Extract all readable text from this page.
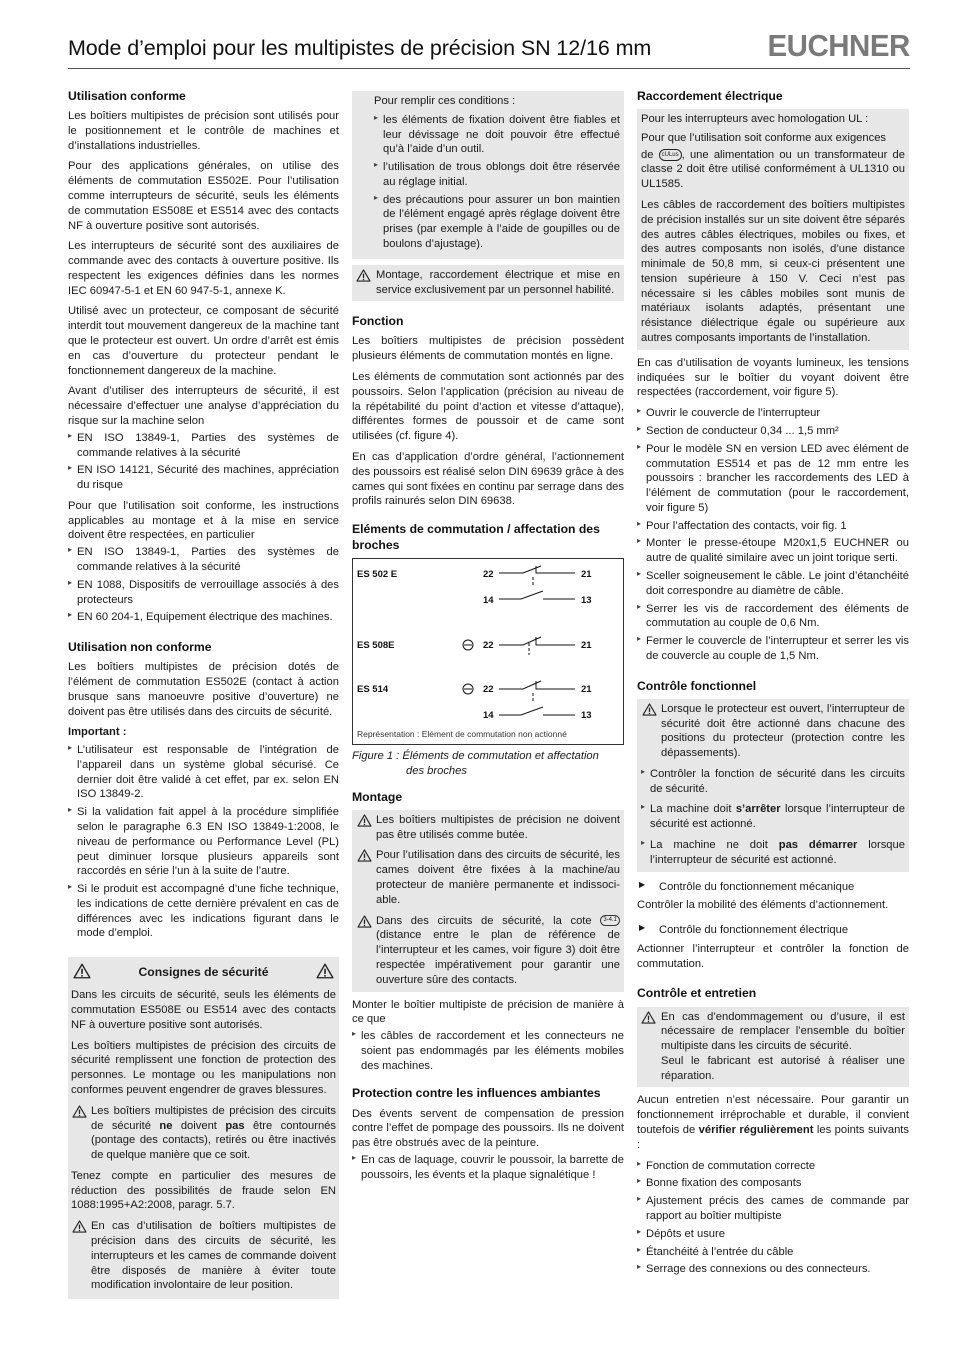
Mode d’emploi pour les multipistes de précision SN 12/16 mm	EUCHNER
Utilisation conforme

Les boîtiers multipistes de précision sont utilisés pour le positionnement et le contrôle de machines et d’installations industrielles.

Pour des applications générales, on utilise des éléments de commutation ES502E. Pour l’utilisation comme interrupteurs de sécurité, seuls les éléments de commutation ES508E et ES514 avec des contacts NF à ouverture positive sont autorisés.

Les interrupteurs de sécurité sont des auxiliaires de commande avec des contacts à ouverture positive. Ils respectent les exigences définies dans les normes IEC 60947-5-1 et EN 60 947-5-1, annexe K.

Utilisé avec un protecteur, ce composant de sécurité interdit tout mouvement dangereux de la machine tant que le protecteur est ouvert. Un ordre d’arrêt est émis en cas d’ouverture du protecteur pendant le fonctionnement dangereux de la machine.

Avant d’utiliser des interrupteurs de sécurité, il est nécessaire d’effectuer une analyse d’appréciation du risque sur la machine selon

▸ EN ISO 13849-1, Parties des systèmes de commande relatives à la sécurité
▸ EN ISO 14121, Sécurité des machines, appréciation du risque

Pour que l’utilisation soit conforme, les instructions applicables au montage et à la mise en service doivent être respectées, en particulier

▸ EN ISO 13849-1, Parties des systèmes de commande relatives à la sécurité
▸ EN 1088, Dispositifs de verrouillage associés à des protecteurs
▸ EN 60 204-1, Equipement électrique des machines.
Utilisation non conforme

Les boîtiers multipistes de précision dotés de l’élément de commutation ES502E (contact à action brusque sans manoeuvre positive d’ouverture) ne doivent pas être utilisés dans des circuits de sécurité.

Important :
▸ L’utilisateur est responsable de l’intégration de l’appareil dans un système global sécurisé. Ce dernier doit être validé à cet effet, par ex. selon EN ISO 13849-2.
▸ Si la validation fait appel à la procédure simplifiée selon le paragraphe 6.3 EN ISO 13849-1:2008, le niveau de performance ou Performance Level (PL) peut diminuer lorsque plusieurs appareils sont raccordés en série l’un à la suite de l’autre.
▸ Si le produit est accompagné d’une fiche technique, les indications de cette dernière prévalent en cas de différences avec les indications figurant dans le mode d’emploi.
Consignes de sécurité

Dans les circuits de sécurité, seuls les éléments de commutation ES508E ou ES514 avec des contacts NF à ouverture positive sont autorisés.

Les boîtiers multipistes de précision des circuits de sécurité remplissent une fonction de protection des personnes. Le montage ou les manipulations non conformes peuvent engendrer de graves blessures.

Les boîtiers multipistes de précision des circuits de sécurité ne doivent pas être contournés (pontage des contacts), retirés ou être inactivés de quelque manière que ce soit.

Tenez compte en particulier des mesures de réduction des possibilités de fraude selon EN 1088:1995+A2:2008, paragr. 5.7.

En cas d’utilisation de boîtiers multipistes de précision dans des circuits de sécurité, les interrupteurs et les cames de commande doivent être disposés de manière à éviter toute modification involontaire de leur position.
Pour remplir ces conditions :
▸ les éléments de fixation doivent être fiables et leur dévissage ne doit pouvoir être effectué qu’à l’aide d’un outil.
▸ l’utilisation de trous oblongs doit être réservée au réglage initial.
▸ des précautions pour assurer un bon maintien de l’élément engagé après réglage doivent être prises (par exemple à l’aide de goupilles ou de boulons d’ajustage).
Montage, raccordement électrique et mise en service exclusivement par un personnel habilité.
Fonction

Les boîtiers multipistes de précision possèdent plusieurs éléments de commutation montés en ligne.

Les éléments de commutation sont actionnés par des poussoirs. Selon l’application (précision au niveau de la répétabilité du point d’action et vitesse d’attaque), différentes formes de poussoir et de came sont utilisées (cf. figure 4).

En cas d’application d’ordre général, l’actionnement des poussoirs est réalisé selon DIN 69639 grâce à des cames qui sont fixées en continu par serrage dans des profils rainurés selon DIN 69638.

Eléments de commutation / affectation des broches
ES 502 E	22	21
14	13
ES 508E	22	21
ES 514	22	21
14	13
Représentation : Elément de commutation non actionné
Figure 1 : Éléments de commutation et affectation
des broches
Montage
Les boîtiers multipistes de précision ne doivent pas être utilisés comme butée.
Pour l’utilisation dans des circuits de sécurité, les cames doivent être fixées à la machine/au protecteur de manière permanente et indissoci-able.
Dans des circuits de sécurité, la cote 3-4.1 (distance entre le plan de référence de l’interrupteur et les cames, voir figure 3) doit être respectée impérativement pour garantir une ouverture sûre des contacts.

Monter le boîtier multipiste de précision de manière à ce que

▸ les câbles de raccordement et les connecteurs ne soient pas endommagés par les éléments mobiles des machines.
Protection contre les influences ambiantes

Des évents servent de compensation de pression contre l’effet de pompage des poussoirs. Ils ne doivent pas être obstrués avec de la peinture.

▸ En cas de laquage, couvrir le poussoir, la barrette de poussoirs, les évents et la plaque signalétique !
Raccordement électrique

Pour les interrupteurs avec homologation UL :

Pour que l’utilisation soit conforme aux exigences

de cULus , une alimentation ou un transformateur de classe 2 doit être utilisé conformément à UL1310 ou UL1585.

Les câbles de raccordement des boîtiers multipistes de précision installés sur un site doivent être séparés des autres câbles électriques, mobiles ou fixes, et des autres composants non isolés, d’une distance minimale de 50,8 mm, si ceux-ci présentent une tension supérieure à 150 V. Ceci n’est pas nécessaire si les câbles mobiles sont munis de matériaux isolants adaptés, présentant une résistance diélectrique égale ou supérieure aux autres composants importants de l’installation.

En cas d’utilisation de voyants lumineux, les tensions indiquées sur le boîtier du voyant doivent être respectées (raccordement, voir figure 5).

▸ Ouvrir le couvercle de l’interrupteur
▸ Section de conducteur 0,34 ... 1,5 mm²
▸ Pour le modèle SN en version LED avec élément de commutation ES514 et pas de 12 mm entre les poussoirs : brancher les raccordements des LED à l’élément de commutation (pour le raccordement, voir figure 5)
▸ Pour l’affectation des contacts, voir fig. 1
▸ Monter le presse-étoupe M20x1,5 EUCHNER ou autre de qualité similaire avec un joint torique serti.
▸ Sceller soigneusement le câble. Le joint d’étanchéité doit correspondre au diamètre de câble.
▸ Serrer les vis de raccordement des éléments de commutation au couple de 0,6 Nm.
▸ Fermer le couvercle de l’interrupteur et serrer les vis de couvercle au couple de 1,5 Nm.
Contrôle fonctionnel
Lorsque le protecteur est ouvert, l’interrupteur de sécurité doit être actionné dans chacune des positions du protecteur (protection contre les dépassements).
▸ Contrôler la fonction de sécurité dans les circuits de sécurité.
▸ La machine doit s’arrêter lorsque l’interrupteur de sécurité est actionné.
▸ La machine ne doit pas démarrer lorsque l’interrupteur de sécurité est actionné.
▶ Contrôle du fonctionnement mécanique

Contrôler la mobilité des éléments d’actionnement.

▶ Contrôle du fonctionnement électrique

Actionner l’interrupteur et contrôler la fonction de commutation.

Contrôle et entretien
En cas d’endommagement ou d’usure, il est nécessaire de remplacer l’ensemble du boîtier multipiste dans les circuits de sécurité.
Seul le fabricant est autorisé à réaliser une réparation.

Aucun entretien n’est nécessaire. Pour garantir un fonctionnement irréprochable et durable, il convient toutefois de vérifier régulièrement les points suivants :

▸ Fonction de commutation correcte
▸ Bonne fixation des composants
▸ Ajustement précis des cames de commande par rapport au boîtier multipiste
▸ Dépôts et usure
▸ Étanchéité à l’entrée du câble
▸ Serrage des connexions ou des connecteurs.
